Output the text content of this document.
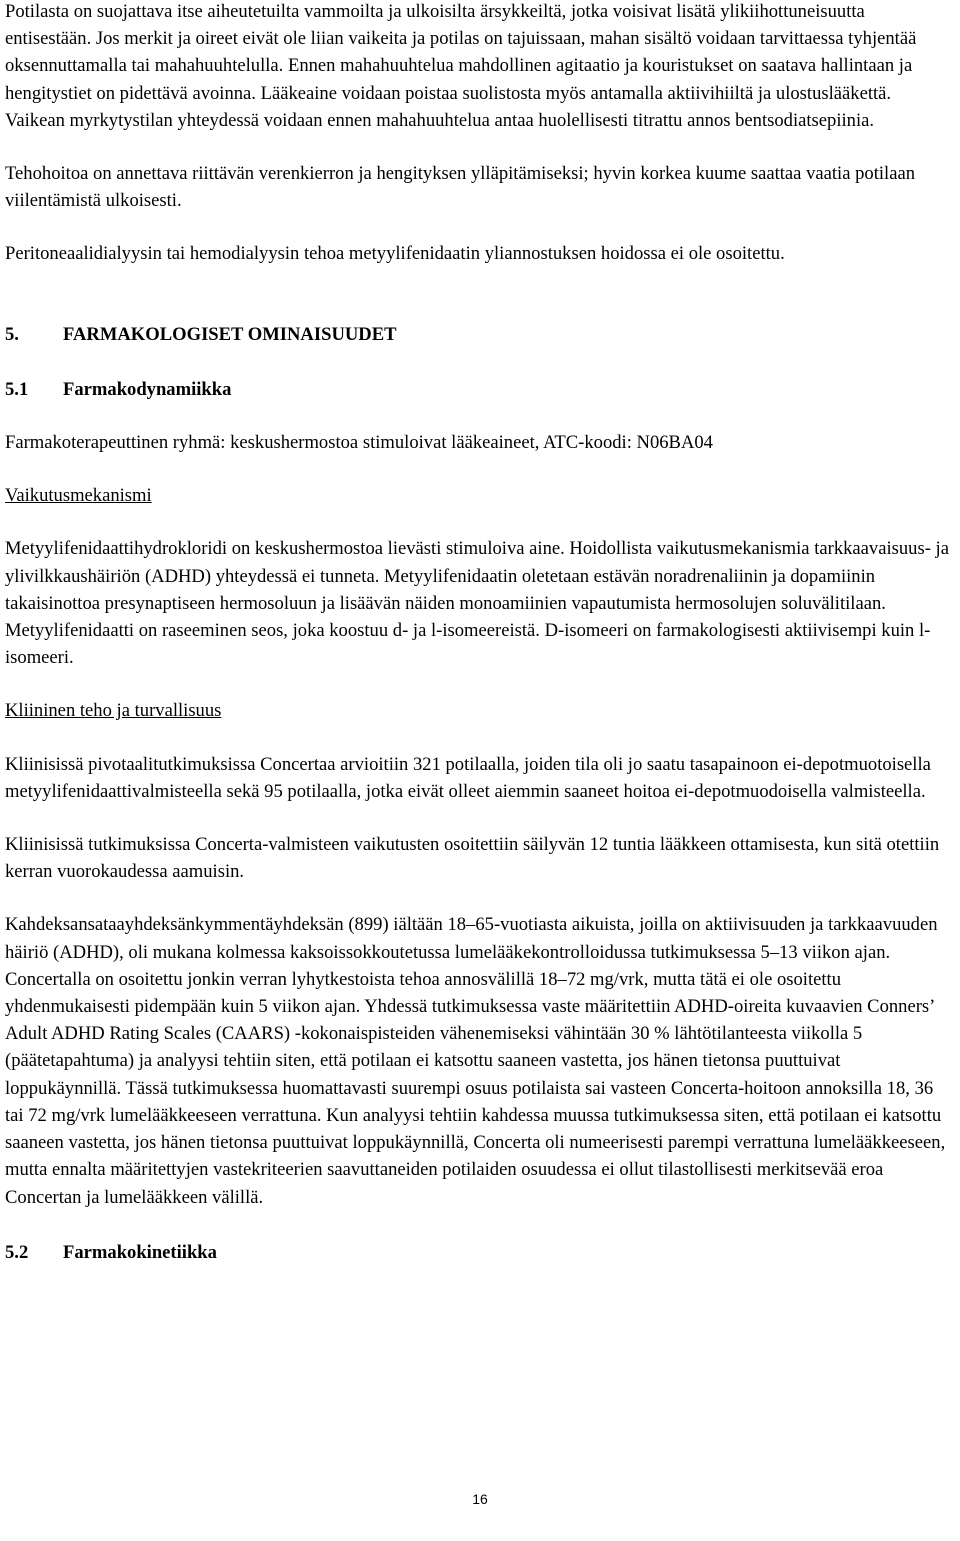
Potilasta on suojattava itse aiheutetuilta vammoilta ja ulkoisilta ärsykkeiltä, jotka voisivat lisätä ylikiihottuneisuutta entisestään. Jos merkit ja oireet eivät ole liian vaikeita ja potilas on tajuissaan, mahan sisältö voidaan tarvittaessa tyhjentää oksennuttamalla tai mahahuuhtelulla. Ennen mahahuuhtelua mahdollinen agitaatio ja kouristukset on saatava hallintaan ja hengitystiet on pidettävä avoinna. Lääkeaine voidaan poistaa suolistosta myös antamalla aktiivihiiltä ja ulostuslääkettä. Vaikean myrkytystilan yhteydessä voidaan ennen mahahuuhtelua antaa huolellisesti titrattu annos bentsodiatsepiinia.

Tehohoitoa on annettava riittävän verenkierron ja hengityksen ylläpitämiseksi; hyvin korkea kuume saattaa vaatia potilaan viilentämistä ulkoisesti.

Peritoneaalidialyysin tai hemodialyysin tehoa metyylifenidaatin yliannostuksen hoidossa ei ole osoitettu.

5.	FARMAKOLOGISET OMINAISUUDET
5.1	Farmakodynamiikka

Farmakoterapeuttinen ryhmä: keskushermostoa stimuloivat lääkeaineet, ATC-koodi: N06BA04

Vaikutusmekanismi

Metyylifenidaattihydrokloridi on keskushermostoa lievästi stimuloiva aine. Hoidollista vaikutusmekanismia tarkkaavaisuus- ja ylivilkkaushäiriön (ADHD) yhteydessä ei tunneta. Metyylifenidaatin oletetaan estävän noradrenaliinin ja dopamiinin takaisinottoa presynaptiseen hermosoluun ja lisäävän näiden monoamiinien vapautumista hermosolujen soluvälitilaan. Metyylifenidaatti on raseeminen seos, joka koostuu d- ja l-isomeereistä. D-isomeeri on farmakologisesti aktiivisempi kuin l-isomeeri.

Kliininen teho ja turvallisuus

Kliinisissä pivotaalitutkimuksissa Concertaa arvioitiin 321 potilaalla, joiden tila oli jo saatu tasapainoon ei-depotmuotoisella metyylifenidaattivalmisteella sekä 95 potilaalla, jotka eivät olleet aiemmin saaneet hoitoa ei-depotmuodoisella valmisteella.

Kliinisissä tutkimuksissa Concerta-valmisteen vaikutusten osoitettiin säilyvän 12 tuntia lääkkeen ottamisesta, kun sitä otettiin kerran vuorokaudessa aamuisin.

Kahdeksansataayhdeksänkymmentäyhdeksän (899) iältään 18–65-vuotiasta aikuista, joilla on aktiivisuuden ja tarkkaavuuden häiriö (ADHD), oli mukana kolmessa kaksoissokkoutetussa lumelääkekontrolloidussa tutkimuksessa 5–13 viikon ajan. Concertalla on osoitettu jonkin verran lyhytkestoista tehoa annosvälillä 18–72 mg/vrk, mutta tätä ei ole osoitettu yhdenmukaisesti pidempään kuin 5 viikon ajan. Yhdessä tutkimuksessa vaste määritettiin ADHD-oireita kuvaavien Conners’ Adult ADHD Rating Scales (CAARS) -kokonaispisteiden vähenemiseksi vähintään 30 % lähtötilanteesta viikolla 5 (päätetapahtuma) ja analyysi tehtiin siten, että potilaan ei katsottu saaneen vastetta, jos hänen tietonsa puuttuivat loppukäynnillä. Tässä tutkimuksessa huomattavasti suurempi osuus potilaista sai vasteen Concerta-hoitoon annoksilla 18, 36 tai 72 mg/vrk lumelääkkeeseen verrattuna. Kun analyysi tehtiin kahdessa muussa tutkimuksessa siten, että potilaan ei katsottu saaneen vastetta, jos hänen tietonsa puuttuivat loppukäynnillä, Concerta oli numeerisesti parempi verrattuna lumelääkkeeseen, mutta ennalta määritettyjen vastekriteerien saavuttaneiden potilaiden osuudessa ei ollut tilastollisesti merkitsevää eroa Concertan ja lumelääkkeen välillä.

5.2	Farmakokinetiikka
16
